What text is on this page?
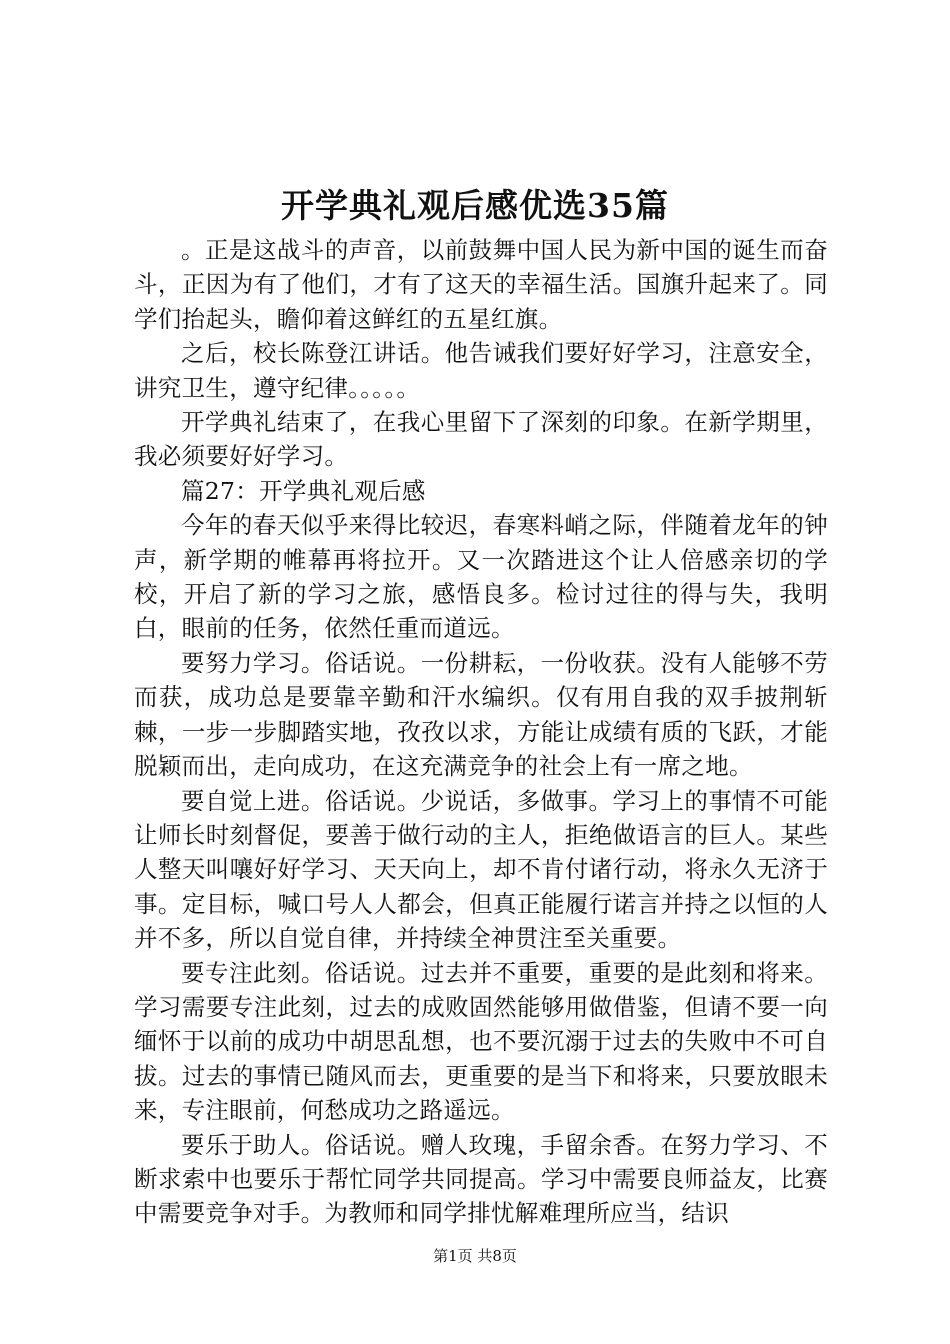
开学典礼观后感优选35篇

。正是这战斗的声音，以前鼓舞中国人民为新中国的诞生而奋斗，正因为有了他们，才有了这天的幸福生活。国旗升起来了。同学们抬起头，瞻仰着这鲜红的五星红旗。

之后，校长陈登江讲话。他告诫我们要好好学习，注意安全，讲究卫生，遵守纪律。。。。。

开学典礼结束了，在我心里留下了深刻的印象。在新学期里，我必须要好好学习。

篇27：开学典礼观后感

今年的春天似乎来得比较迟，春寒料峭之际，伴随着龙年的钟声，新学期的帷幕再将拉开。又一次踏进这个让人倍感亲切的学校，开启了新的学习之旅，感悟良多。检讨过往的得与失，我明白，眼前的任务，依然任重而道远。

要努力学习。俗话说。一份耕耘，一份收获。没有人能够不劳而获，成功总是要靠辛勤和汗水编织。仅有用自我的双手披荆斩棘，一步一步脚踏实地，孜孜以求，方能让成绩有质的飞跃，才能脱颖而出，走向成功，在这充满竞争的社会上有一席之地。

要自觉上进。俗话说。少说话，多做事。学习上的事情不可能让师长时刻督促，要善于做行动的主人，拒绝做语言的巨人。某些人整天叫嚷好好学习、天天向上，却不肯付诸行动，将永久无济于事。定目标，喊口号人人都会，但真正能履行诺言并持之以恒的人并不多，所以自觉自律，并持续全神贯注至关重要。

要专注此刻。俗话说。过去并不重要，重要的是此刻和将来。学习需要专注此刻，过去的成败固然能够用做借鉴，但请不要一向缅怀于以前的成功中胡思乱想，也不要沉溺于过去的失败中不可自拔。过去的事情已随风而去，更重要的是当下和将来，只要放眼未来，专注眼前，何愁成功之路遥远。

要乐于助人。俗话说。赠人玫瑰，手留余香。在努力学习、不断求索中也要乐于帮忙同学共同提高。学习中需要良师益友，比赛中需要竞争对手。为教师和同学排忧解难理所应当，结识

第1页 共8页
